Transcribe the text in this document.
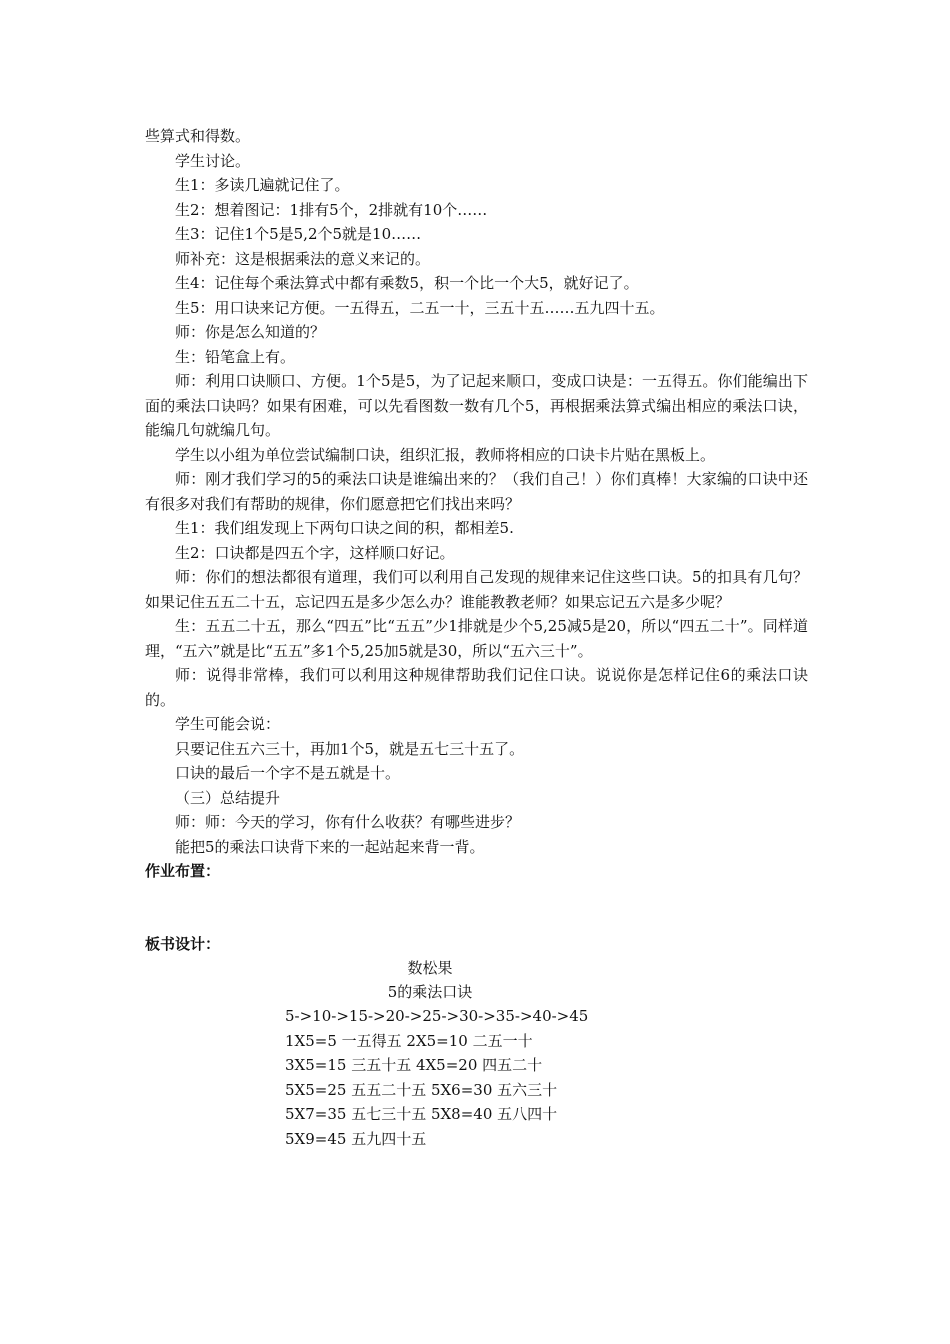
些算式和得数。

学生讨论。

生1：多读几遍就记住了。

生2：想着图记：1排有5个，2排就有10个……

生3：记住1个5是5,2个5就是10……

师补充：这是根据乘法的意义来记的。

生4：记住每个乘法算式中都有乘数5，积一个比一个大5，就好记了。

生5：用口诀来记方便。一五得五，二五一十，三五十五……五九四十五。

师：你是怎么知道的？

生：铅笔盒上有。

师：利用口诀顺口、方便。1个5是5，为了记起来顺口，变成口诀是：一五得五。你们能编出下面的乘法口诀吗？如果有困难，可以先看图数一数有几个5，再根据乘法算式编出相应的乘法口诀，能编几句就编几句。

学生以小组为单位尝试编制口诀，组织汇报，教师将相应的口诀卡片贴在黑板上。

师：刚才我们学习的5的乘法口诀是谁编出来的？（我们自己！）你们真棒！大家编的口诀中还有很多对我们有帮助的规律，你们愿意把它们找出来吗？

生1：我们组发现上下两句口诀之间的积，都相差5.

生2：口诀都是四五个字，这样顺口好记。

师：你们的想法都很有道理，我们可以利用自己发现的规律来记住这些口诀。5的扣具有几句？如果记住五五二十五，忘记四五是多少怎么办？谁能教教老师？如果忘记五六是多少呢？

生：五五二十五，那么“四五”比“五五”少1排就是少个5,25减5是20，所以“四五二十”。同样道理，“五六”就是比“五五”多1个5,25加5就是30，所以“五六三十”。

师：说得非常棒，我们可以利用这种规律帮助我们记住口诀。说说你是怎样记住6的乘法口诀的。

学生可能会说：

只要记住五六三十，再加1个5，就是五七三十五了。

口诀的最后一个字不是五就是十。

（三）总结提升

师：师：今天的学习，你有什么收获？有哪些进步？

能把5的乘法口诀背下来的一起站起来背一背。

作业布置：

板书设计：

数松果

5的乘法口诀

5->10->15->20->25->30->35->40->45

1X5=5 一五得五 2X5=10 二五一十

3X5=15 三五十五 4X5=20 四五二十

5X5=25 五五二十五 5X6=30 五六三十

5X7=35 五七三十五 5X8=40 五八四十

5X9=45 五九四十五
